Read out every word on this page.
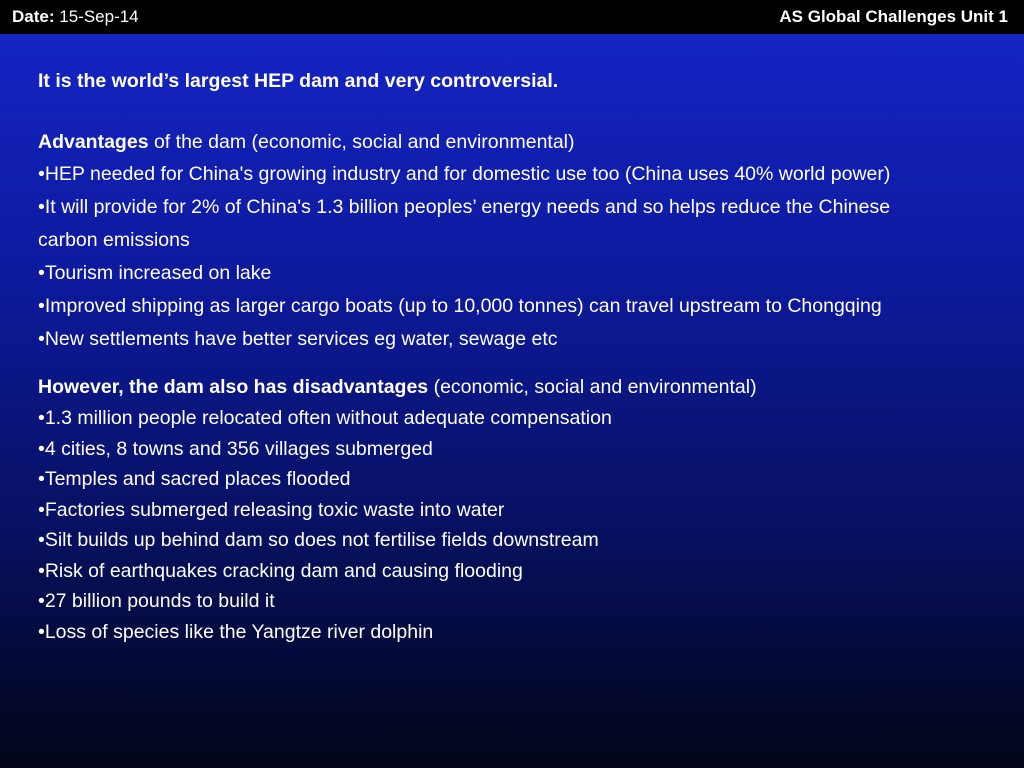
Date: 15-Sep-14	AS Global Challenges Unit 1

It is the world’s largest HEP dam and very controversial.

Advantages of the dam (economic, social and environmental)

•HEP needed for China's growing industry and for domestic use too (China uses 40% world power)
•It will provide for 2% of China's 1.3 billion peoples’ energy needs and so helps reduce the Chinese carbon emissions
•Tourism increased on lake
•Improved shipping as larger cargo boats (up to 10,000 tonnes) can travel upstream to Chongqing
•New settlements have better services eg water, sewage etc

However, the dam also has disadvantages (economic, social and environmental)

•1.3 million people relocated often without adequate compensation
•4 cities, 8 towns and 356 villages submerged
•Temples and sacred places flooded
•Factories submerged releasing toxic waste into water
•Silt builds up behind dam so does not fertilise fields downstream
•Risk of earthquakes cracking dam and causing flooding
•27 billion pounds to build it
•Loss of species like the Yangtze river dolphin
